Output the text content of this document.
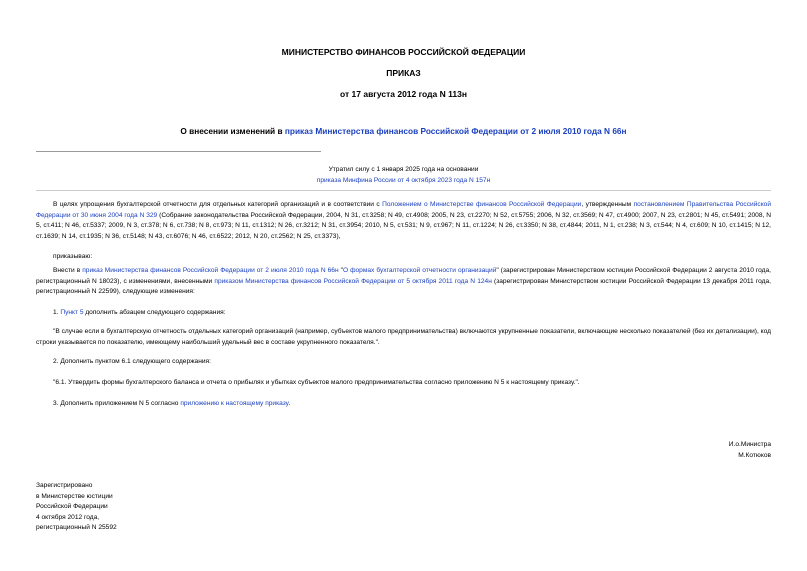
МИНИСТЕРСТВО ФИНАНСОВ РОССИЙСКОЙ ФЕДЕРАЦИИ
ПРИКАЗ
от 17 августа 2012 года N 113н
О внесении изменений в приказ Министерства финансов Российской Федерации от 2 июля 2010 года N 66н
Утратил силу с 1 января 2025 года на основании
приказа Минфина России от 4 октября 2023 года N 157н
В целях упрощения бухгалтерской отчетности для отдельных категорий организаций и в соответствии с Положением о Министерстве финансов Российской Федерации, утвержденным постановлением Правительства Российской Федерации от 30 июня 2004 года N 329 (Собрание законодательства Российской Федерации, 2004, N 31, ст.3258; N 49, ст.4908; 2005, N 23, ст.2270; N 52, ст.5755; 2006, N 32, ст.3569; N 47, ст.4900; 2007, N 23, ст.2801; N 45, ст.5491; 2008, N 5, ст.411; N 46, ст.5337; 2009, N 3, ст.378; N 6, ст.738; N 8, ст.973; N 11, ст.1312; N 26, ст.3212; N 31, ст.3954; 2010, N 5, ст.531; N 9, ст.967; N 11, ст.1224; N 26, ст.3350; N 38, ст.4844; 2011, N 1, ст.238; N 3, ст.544; N 4, ст.609; N 10, ст.1415; N 12, ст.1639; N 14, ст.1935; N 36, ст.5148; N 43, ст.6076; N 46, ст.6522; 2012, N 20, ст.2562; N 25, ст.3373),
приказываю:
Внести в приказ Министерства финансов Российской Федерации от 2 июля 2010 года N 66н "О формах бухгалтерской отчетности организаций" (зарегистрирован Министерством юстиции Российской Федерации 2 августа 2010 года, регистрационный N 18023), с изменениями, внесенными приказом Министерства финансов Российской Федерации от 5 октября 2011 года N 124н (зарегистрирован Министерством юстиции Российской Федерации 13 декабря 2011 года, регистрационный N 22599), следующие изменения:
1. Пункт 5 дополнить абзацем следующего содержания:
"В случае если в бухгалтерскую отчетность отдельных категорий организаций (например, субъектов малого предпринимательства) включаются укрупненные показатели, включающие несколько показателей (без их детализации), код строки указывается по показателю, имеющему наибольший удельный вес в составе укрупненного показателя.".
2. Дополнить пунктом 6.1 следующего содержания:
"6.1. Утвердить формы бухгалтерского баланса и отчета о прибылях и убытках субъектов малого предпринимательства согласно приложению N 5 к настоящему приказу.".
3. Дополнить приложением N 5 согласно приложению к настоящему приказу.
И.о.Министра
М.Котюков
Зарегистрировано
в Министерстве юстиции
Российской Федерации
4 октября 2012 года,
регистрационный N 25592
